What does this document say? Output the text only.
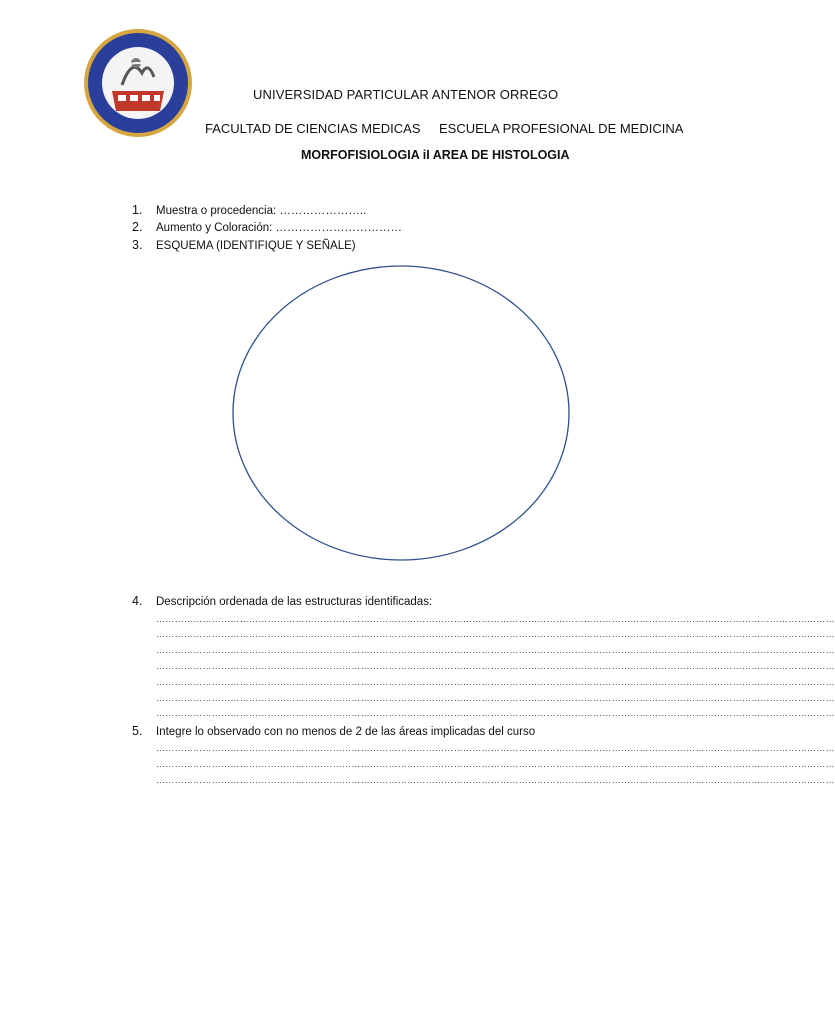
UNIVERSIDAD PARTICULAR ANTENOR ORREGO
FACULTAD DE CIENCIAS MEDICAS ESCUELA PROFESIONAL DE MEDICINA
MORFOFISIOLOGIA iI AREA DE HISTOLOGIA
1. Muestra o procedencia: …………………..
2. Aumento y Coloración: ……………………………
3. ESQUEMA (IDENTIFIQUE Y SEÑALE)
4. Descripción ordenada de las estructuras identificadas:
…………………………………………………………………………………………………………………………………………………………………………………………………
…………………………………………………………………………………………………………………………………………………………………………………………………
…………………………………………………………………………………………………………………………………………………………………………………………………
…………………………………………………………………………………………………………………………………………………………………………………………………
…………………………………………………………………………………………………………………………………………………………………………………………………
…………………………………………………………………………………………………………………………………………………………………………………………………
…………………………………………………………………………………………………………………………………………………………………………………………………
5. Integre lo observado con no menos de 2 de las áreas implicadas del curso
…………………………………………………………………………………………………………………………………………………………………………………………………
…………………………………………………………………………………………………………………………………………………………………………………………………
…………………………………………………………………………………………………………………………………………………………………………………………………
